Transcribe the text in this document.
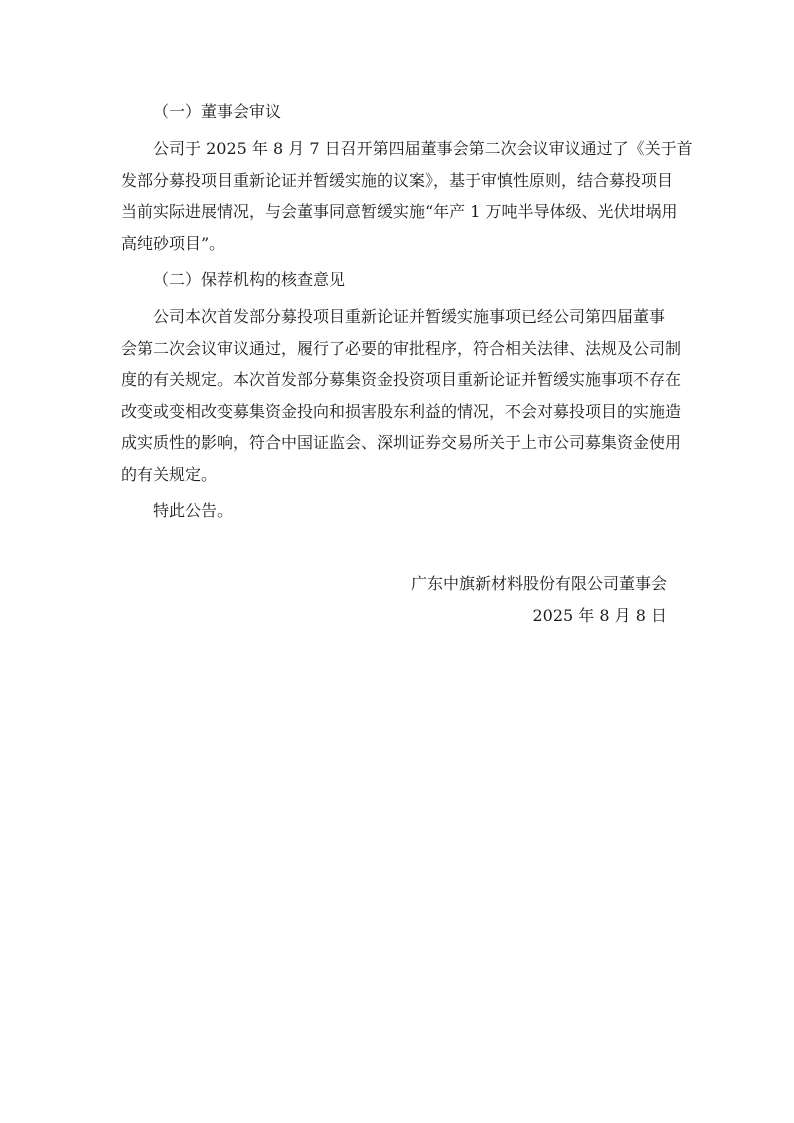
（一）董事会审议
公司于 2025 年 8 月 7 日召开第四届董事会第二次会议审议通过了《关于首
发部分募投项目重新论证并暂缓实施的议案》，基于审慎性原则，结合募投项目
当前实际进展情况，与会董事同意暂缓实施“年产 1 万吨半导体级、光伏坩埚用
高纯砂项目”。
（二）保荐机构的核查意见
公司本次首发部分募投项目重新论证并暂缓实施事项已经公司第四届董事
会第二次会议审议通过，履行了必要的审批程序，符合相关法律、法规及公司制
度的有关规定。本次首发部分募集资金投资项目重新论证并暂缓实施事项不存在
改变或变相改变募集资金投向和损害股东利益的情况，不会对募投项目的实施造
成实质性的影响，符合中国证监会、深圳证券交易所关于上市公司募集资金使用
的有关规定。
特此公告。
广东中旗新材料股份有限公司董事会
2025 年 8 月 8 日
